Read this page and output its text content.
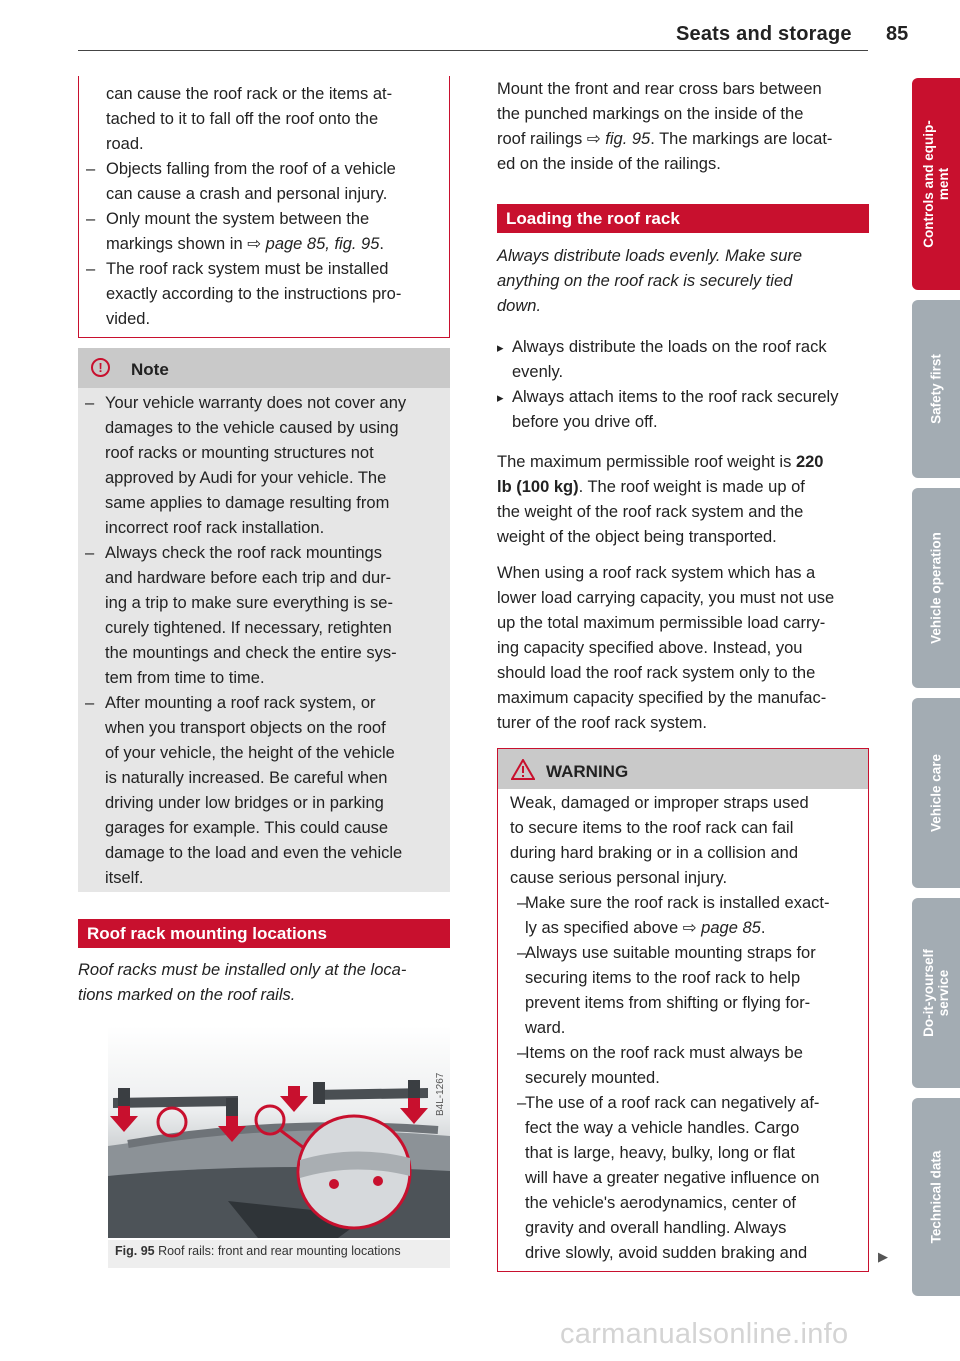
Seats and storage 85
Controls and equip-
ment
Safety first
Vehicle operation
Vehicle care
Do-it-yourself
service
Technical data

can cause the roof rack or the items at-

tached to it to fall off the roof onto the

road.

– Objects falling from the roof of a vehicle

can cause a crash and personal injury.

– Only mount the system between the

markings shown in ⇨ page 85, fig. 95.

– The roof rack system must be installed

exactly according to the instructions pro-

vided.

!	Note

– Your vehicle warranty does not cover any

damages to the vehicle caused by using

roof racks or mounting structures not

approved by Audi for your vehicle. The

same applies to damage resulting from

incorrect roof rack installation.

– Always check the roof rack mountings

and hardware before each trip and dur-

ing a trip to make sure everything is se-

curely tightened. If necessary, retighten

the mountings and check the entire sys-

tem from time to time.

– After mounting a roof rack system, or

when you transport objects on the roof

of your vehicle, the height of the vehicle

is naturally increased. Be careful when

driving under low bridges or in parking

garages for example. This could cause

damage to the load and even the vehicle

itself.

Roof rack mounting locations

Roof racks must be installed only at the loca-

tions marked on the roof rails.

B4L-1267
Fig. 95 Roof rails: front and rear mounting locations

Mount the front and rear cross bars between

the punched markings on the inside of the

roof railings ⇨ fig. 95. The markings are locat-

ed on the inside of the railings.

Loading the roof rack

Always distribute loads evenly. Make sure

anything on the roof rack is securely tied

down.

▸ Always distribute the loads on the roof rack

evenly.

▸ Always attach items to the roof rack securely

before you drive off.

The maximum permissible roof weight is 220

lb (100 kg). The roof weight is made up of

the weight of the roof rack system and the

weight of the object being transported.

When using a roof rack system which has a

lower load carrying capacity, you must not use

up the total maximum permissible load carry-

ing capacity specified above. Instead, you

should load the roof rack system only to the

maximum capacity specified by the manufac-

turer of the roof rack system.

WARNING

Weak, damaged or improper straps used

to secure items to the roof rack can fail

during hard braking or in a collision and

cause serious personal injury.

– Make sure the roof rack is installed exact-

ly as specified above ⇨ page 85.

– Always use suitable mounting straps for

securing items to the roof rack to help

prevent items from shifting or flying for-

ward.

– Items on the roof rack must always be

securely mounted.

– The use of a roof rack can negatively af-

fect the way a vehicle handles. Cargo

that is large, heavy, bulky, long or flat

will have a greater negative influence on

the vehicle's aerodynamics, center of

gravity and overall handling. Always

drive slowly, avoid sudden braking and	▶
carmanualsonline.info
